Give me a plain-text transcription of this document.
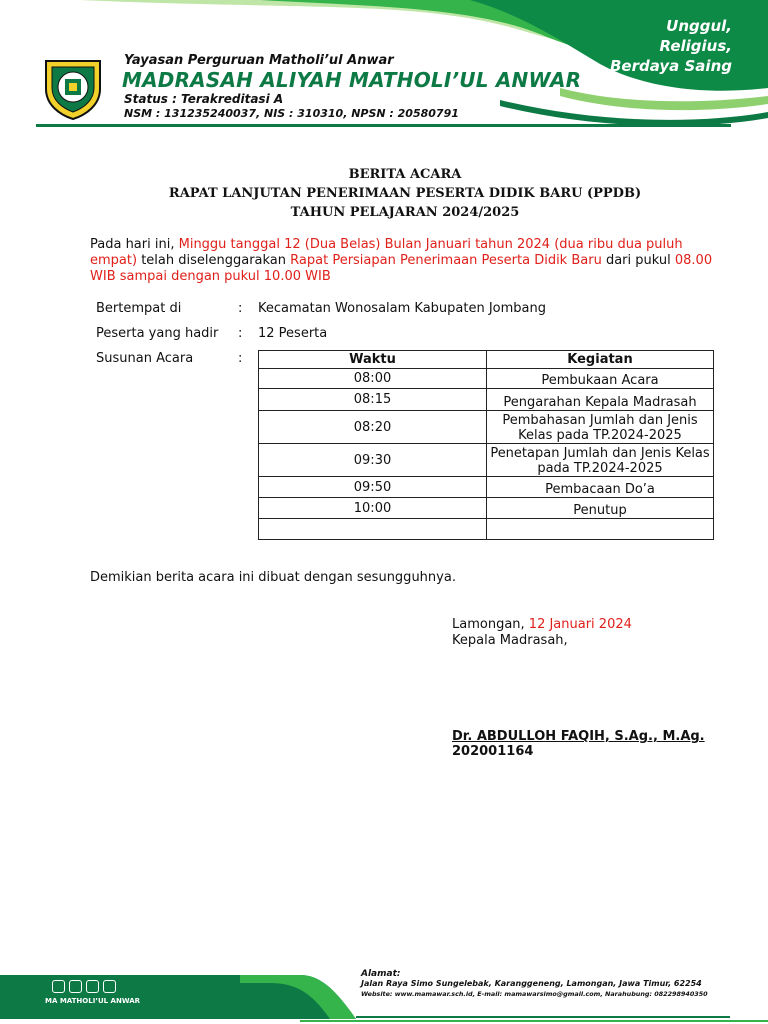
Yayasan Perguruan Matholi’ul Anwar
MADRASAH ALIYAH MATHOLI’UL ANWAR
Status : Terakreditasi A
NSM : 131235240037, NIS : 310310, NPSN : 20580791
Unggul,
Religius,
Berdaya Saing
BERITA ACARA
RAPAT LANJUTAN PENERIMAAN PESERTA DIDIK BARU (PPDB)
TAHUN PELAJARAN 2024/2025
Pada hari ini, Minggu tanggal 12 (Dua Belas) Bulan Januari tahun 2024 (dua ribu dua puluh empat) telah diselenggarakan Rapat Persiapan Penerimaan Peserta Didik Baru dari pukul 08.00 WIB sampai dengan pukul 10.00 WIB
Bertempat di	: Kecamatan Wonosalam Kabupaten Jombang
Peserta yang hadir	: 12 Peserta
Susunan Acara	:	Waktu	Kegiatan
08:00	Pembukaan Acara
08:15	Pengarahan Kepala Madrasah
08:20	Pembahasan Jumlah dan Jenis Kelas pada TP.2024-2025
09:30	Penetapan Jumlah dan Jenis Kelas pada TP.2024-2025
09:50	Pembacaan Do’a
10:00	Penutup

Demikian berita acara ini dibuat dengan sesungguhnya.
Lamongan, 12 Januari 2024
Kepala Madrasah,
Dr. ABDULLOH FAQIH, S.Ag., M.Ag.
202001164
MA MATHOLI’UL ANWAR
Alamat:
Jalan Raya Simo Sungelebak, Karanggeneng, Lamongan, Jawa Timur, 62254
Website: www.mamawar.sch.id, E-mail: mamawarsimo@gmail.com, Narahubung: 082298940350
